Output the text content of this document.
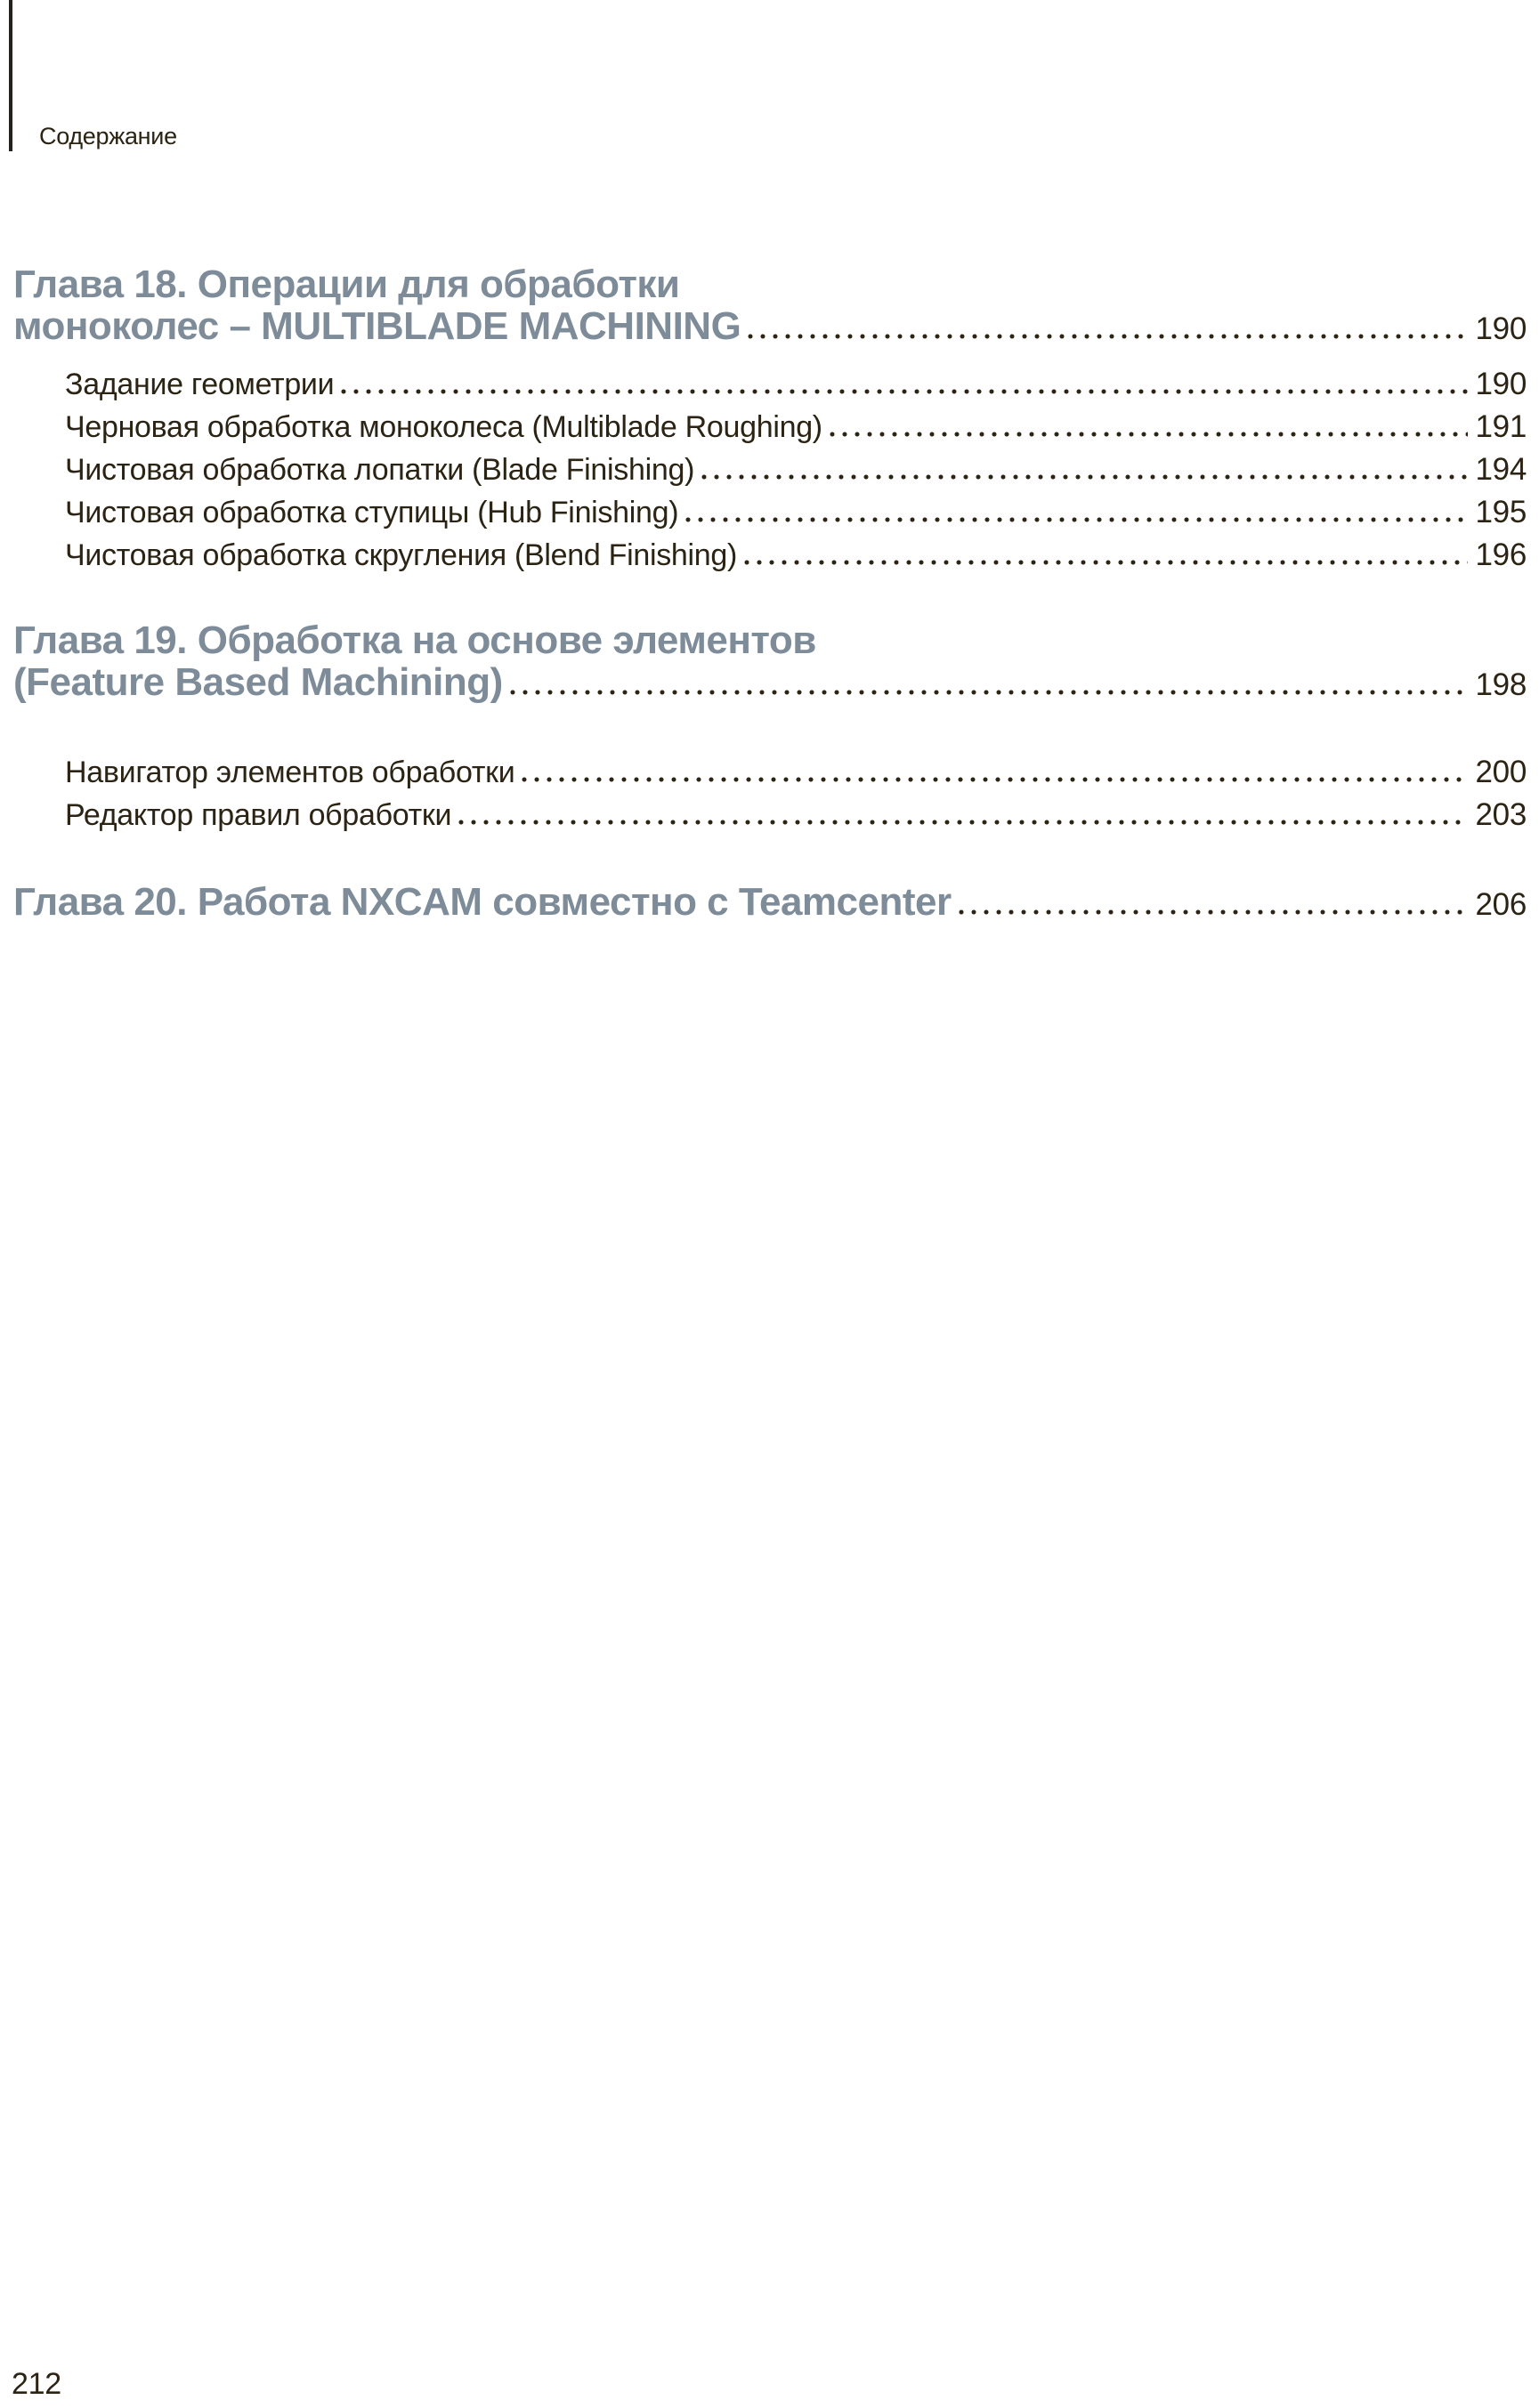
Содержание
Глава 18. Операции для обработки
моноколес – MULTIBLADE MACHINING	190
Задание геометрии	190
Черновая обработка моноколеса (Multiblade Roughing)	191
Чистовая обработка лопатки (Blade Finishing)	194
Чистовая обработка ступицы (Hub Finishing)	195
Чистовая обработка скругления (Blend Finishing)	196
Глава 19. Обработка на основе элементов
(Feature Based Machining)	198
Навигатор элементов обработки	200
Редактор правил обработки	203
Глава 20. Работа NXCAM совместно с Teamcenter	206
212
